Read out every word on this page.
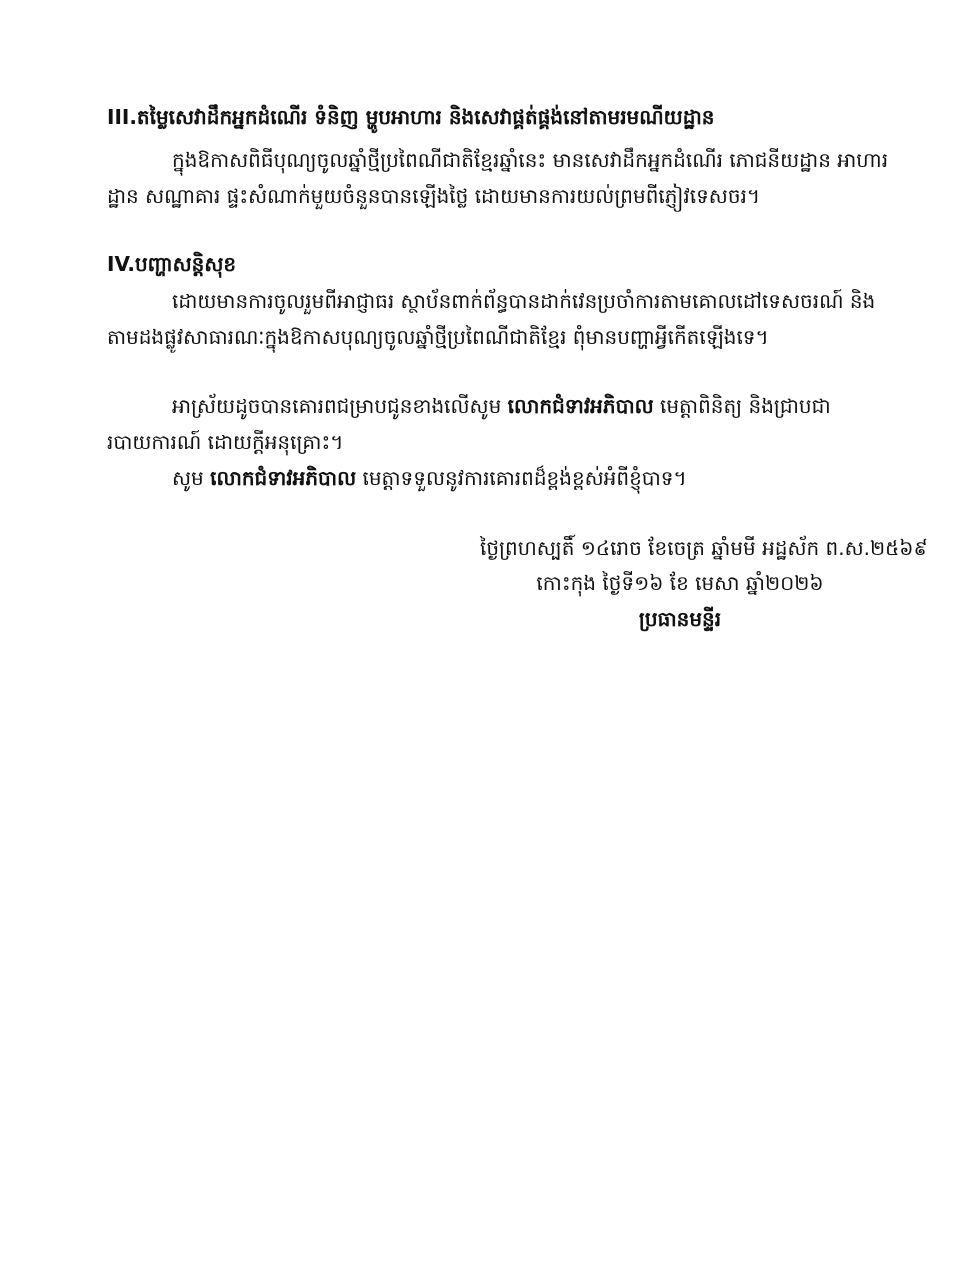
III.តម្លៃសេវាដឹកអ្នកដំណើរ ទំនិញ ម្ហូបអាហារ និងសេវាផ្គត់ផ្គង់នៅតាមរមណីយដ្ឋាន
ក្នុងឱកាសពិធីបុណ្យចូលឆ្នាំថ្មីប្រពៃណីជាតិខ្មែរឆ្នាំនេះ មានសេវាដឹកអ្នកដំណើរ ភោជនីយដ្ឋាន អាហារ
ដ្ឋាន សណ្ឋាគារ ផ្ទះសំណាក់មួយចំនួនបានឡើងថ្លៃ ដោយមានការយល់ព្រមពីភ្ញៀវទេសចរ។
IV.បញ្ហាសន្តិសុខ
ដោយមានការចូលរួមពីអាជ្ញាធរ ស្ថាប័នពាក់ព័ន្ធបានដាក់វេនប្រចាំការតាមគោលដៅទេសចរណ៍ និង
តាមដងផ្លូវសាធារណៈក្នុងឱកាសបុណ្យចូលឆ្នាំថ្មីប្រពៃណីជាតិខ្មែរ ពុំមានបញ្ហាអ្វីកើតឡើងទេ។
អាស្រ័យដូចបានគោរពជម្រាបជូនខាងលើសូម លោកជំទាវអភិបាល មេត្តាពិនិត្យ និងជ្រាបជា
របាយការណ៍ ដោយក្ដីអនុគ្រោះ។
សូម លោកជំទាវអភិបាល មេត្តាទទួលនូវការគោរពដ៏ខ្ពង់ខ្ពស់អំពីខ្ញុំបាទ។
ថ្ងៃព្រហស្បតិ៍ ១៤រោច ខែចេត្រ ឆ្នាំមមី អដ្ឋស័ក ព.ស.២៥៦៩
កោះកុង ថ្ងៃទី១៦ ខែ មេសា ឆ្នាំ២០២៦
ប្រធានមន្ទីរ
